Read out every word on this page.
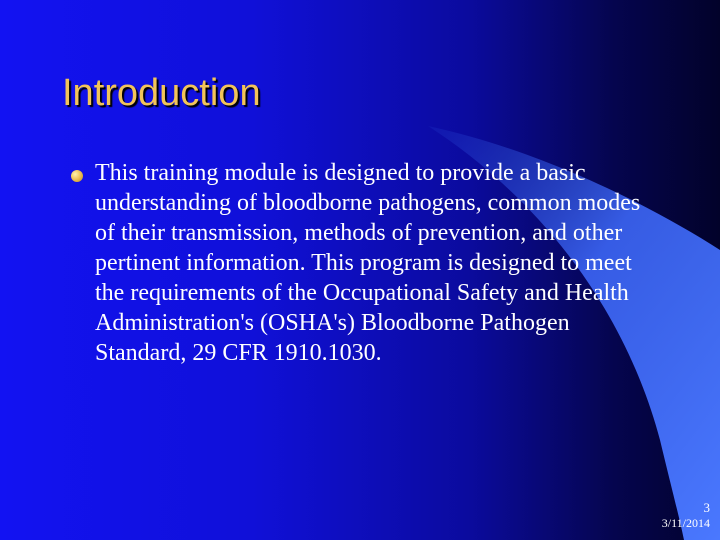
Introduction
This training module is designed to provide a basic understanding of bloodborne pathogens, common modes of their transmission, methods of prevention, and other pertinent information. This program is designed to meet the requirements of the Occupational Safety and Health Administration's (OSHA's) Bloodborne Pathogen Standard, 29 CFR 1910.1030.
3
3/11/2014
